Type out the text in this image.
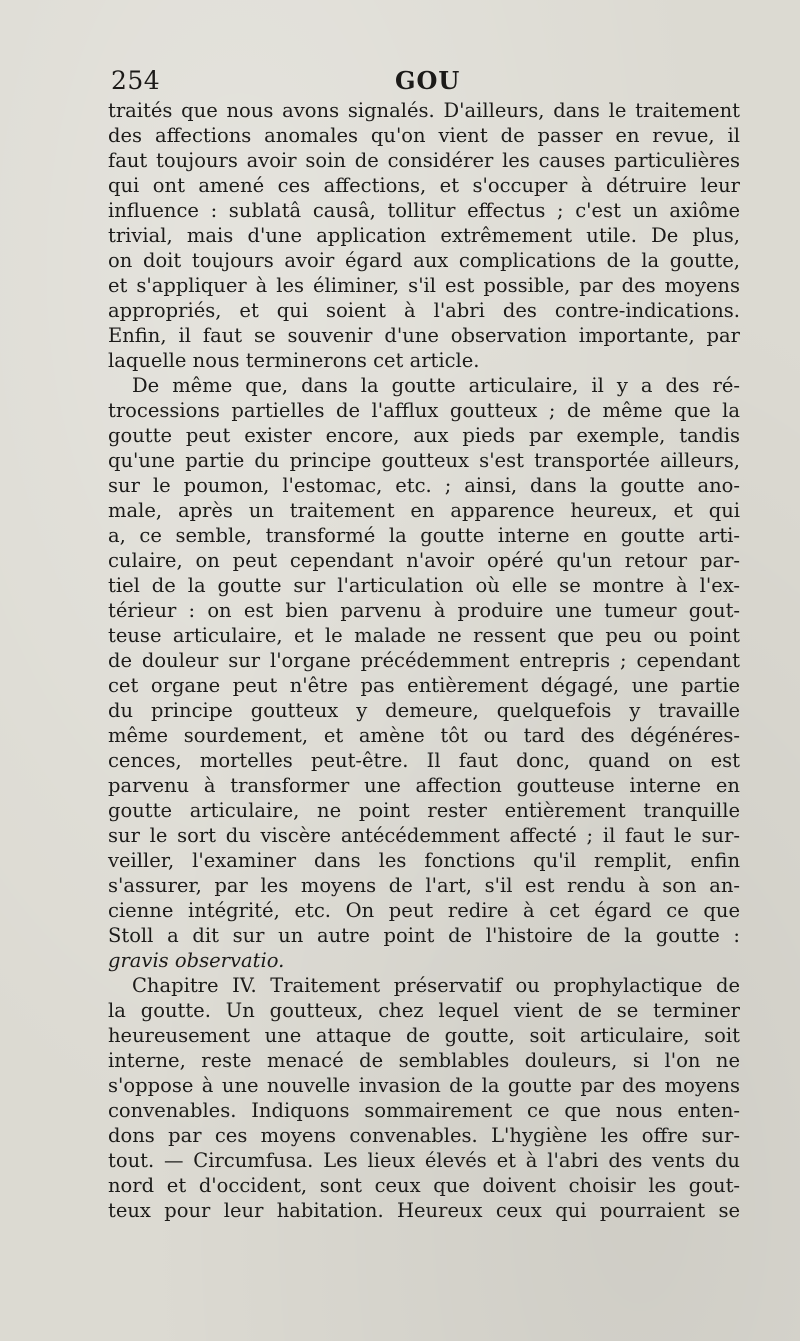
254	GOU
traités que nous avons signalés. D'ailleurs, dans le traitement
des affections anomales qu'on vient de passer en revue, il
faut toujours avoir soin de considérer les causes particulières
qui ont amené ces affections, et s'occuper à détruire leur
influence : sublatâ causâ, tollitur effectus ; c'est un axiôme
trivial, mais d'une application extrêmement utile. De plus,
on doit toujours avoir égard aux complications de la goutte,
et s'appliquer à les éliminer, s'il est possible, par des moyens
appropriés, et qui soient à l'abri des contre-indications.
Enfin, il faut se souvenir d'une observation importante, par
laquelle nous terminerons cet article.
De même que, dans la goutte articulaire, il y a des ré-
trocessions partielles de l'afflux goutteux ; de même que la
goutte peut exister encore, aux pieds par exemple, tandis
qu'une partie du principe goutteux s'est transportée ailleurs,
sur le poumon, l'estomac, etc. ; ainsi, dans la goutte ano-
male, après un traitement en apparence heureux, et qui
a, ce semble, transformé la goutte interne en goutte arti-
culaire, on peut cependant n'avoir opéré qu'un retour par-
tiel de la goutte sur l'articulation où elle se montre à l'ex-
térieur : on est bien parvenu à produire une tumeur gout-
teuse articulaire, et le malade ne ressent que peu ou point
de douleur sur l'organe précédemment entrepris ; cependant
cet organe peut n'être pas entièrement dégagé, une partie
du principe goutteux y demeure, quelquefois y travaille
même sourdement, et amène tôt ou tard des dégénéres-
cences, mortelles peut-être. Il faut donc, quand on est
parvenu à transformer une affection goutteuse interne en
goutte articulaire, ne point rester entièrement tranquille
sur le sort du viscère antécédemment affecté ; il faut le sur-
veiller, l'examiner dans les fonctions qu'il remplit, enfin
s'assurer, par les moyens de l'art, s'il est rendu à son an-
cienne intégrité, etc. On peut redire à cet égard ce que
Stoll a dit sur un autre point de l'histoire de la goutte :
gravis observatio.
Chapitre IV. Traitement préservatif ou prophylactique de
la goutte. Un goutteux, chez lequel vient de se terminer
heureusement une attaque de goutte, soit articulaire, soit
interne, reste menacé de semblables douleurs, si l'on ne
s'oppose à une nouvelle invasion de la goutte par des moyens
convenables. Indiquons sommairement ce que nous enten-
dons par ces moyens convenables. L'hygiène les offre sur-
tout. — Circumfusa. Les lieux élevés et à l'abri des vents du
nord et d'occident, sont ceux que doivent choisir les gout-
teux pour leur habitation. Heureux ceux qui pourraient se
